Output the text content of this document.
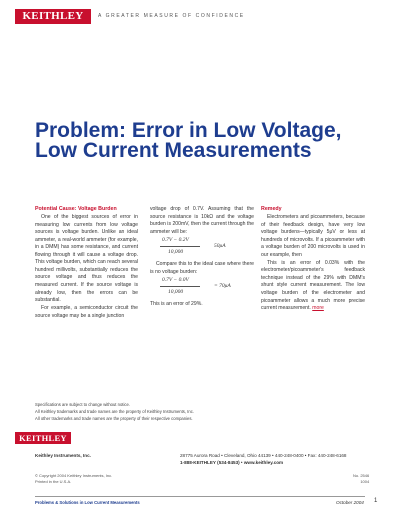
KEITHLEY	A GREATER MEASURE OF CONFIDENCE
Problem: Error in Low Voltage, Low Current Measurements

Potential Cause: Voltage Burden

One of the biggest sources of error in measuring low currents from low voltage sources is voltage burden. Unlike an ideal ammeter, a real-world ammeter (for example, in a DMM) has some resistance, and current flowing through it will cause a voltage drop. This voltage burden, which can reach several hundred millivolts, substantially reduces the source voltage and thus reduces the measured current. If the source voltage is already low, then the errors can be substantial.

For example, a semiconductor circuit the source voltage may be a single junction

voltage drop of 0.7V. Assuming that the source resistance is 10kΩ and the voltage burden is 200mV, then the current through the ammeter will be:

0.7V − 0.2V
10,000
50μA

Compare this to the ideal case where there is no voltage burden:

0.7V − 0.0V
10,000
= 70μA

This is an error of 29%.

Remedy

Electrometers and picoammeters, because of their feedback design, have very low voltage burdens—typically 5μV or less at hundreds of microvolts. If a picoammeter with a voltage burden of 200 microvolts is used in our example, then

This is an error of 0.03% with the electrometer/picoammeter's feedback technique instead of the 29% with DMM's shunt style current measurement. The low voltage burden of the electrometer and picoammeter allows a much more precise current measurement. more

Specifications are subject to change without notice.
All Keithley trademarks and trade names are the property of Keithley Instruments, Inc.
All other trademarks and trade names are the property of their respective companies.
KEITHLEY
Keithley Instruments, Inc.	28775 Aurora Road • Cleveland, Ohio 44139 • 440-248-0400 • Fax: 440-248-6168
1-888-KEITHLEY (534-8453) • www.keithley.com
© Copyright 2004 Keithley Instruments, Inc.
Printed in the U.S.A.
No. 2546
1004
Problems & Solutions in Low Current Measurements	October 2004 1
